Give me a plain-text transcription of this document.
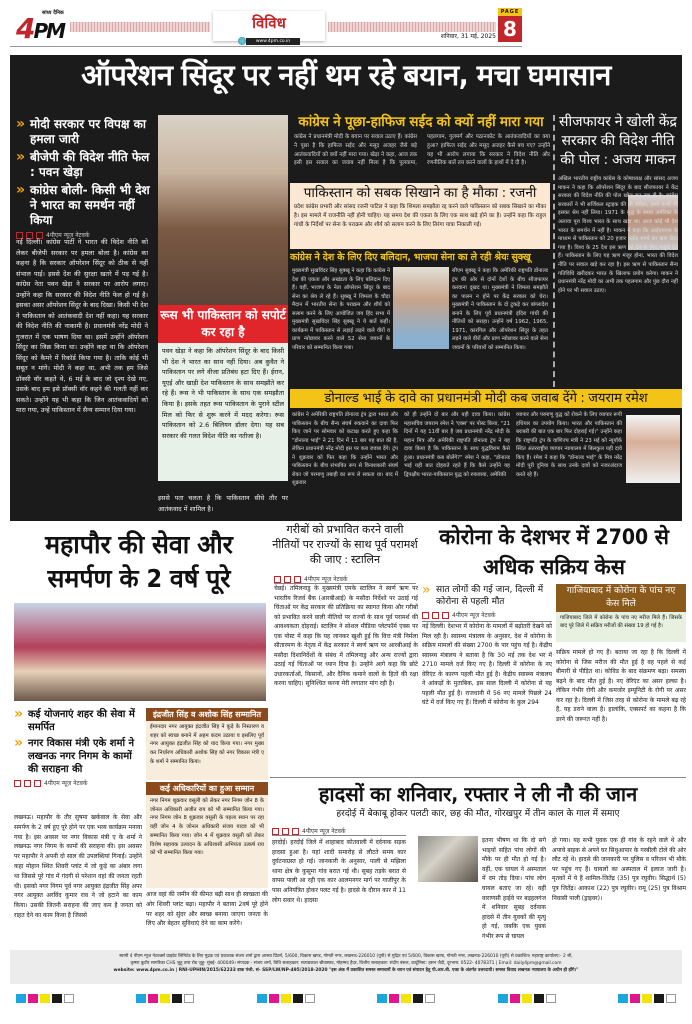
सांध्य दैनिक
4PM	विविध
www.4pm.co.in
PAGE
8
शनिवार, 31 मई, 2025
ऑपरेशन सिंदूर पर नहीं थम रहे बयान, मचा घमासान
» मोदी सरकार पर विपक्ष का हमला जारी
» बीजेपी की विदेश नीति फेल : पवन खेड़ा
» कांग्रेस बोली- किसी भी देश ने भारत का समर्थन नहीं किया
4पीएम न्यूज़ नेटवर्क
नई दिल्ली। कांग्रेस पार्टी ने भारत की विदेश नीति को लेकर बीजेपी सरकार पर हमला बोला है। कांग्रेस का कहना है कि सरकार ऑपरेशन सिंदूर को ठीक से नहीं संभाल पाई। इससे देश की सुरक्षा खतरे में पड़ गई है। कांग्रेस नेता पवन खेड़ा ने सरकार पर आरोप लगाए। उन्होंने कहा कि सरकार की विदेश नीति फेल हो गई है। इसका असर ऑपरेशन सिंदूर के बाद दिखा। किसी भी देश ने पाकिस्तान को आतंकवादी देश नहीं कहा। यह सरकार की विदेश नीति की नाकामी है। प्रधानमंत्री नरेंद्र मोदी ने गुजरात में एक भाषण दिया था। इसमें उन्होंने ऑपरेशन सिंदूर का जिक्र किया था। उन्होंने कहा था कि ऑपरेशन सिंदूर को कैमरे में रिकॉर्ड किया गया है। ताकि कोई भी सबूत न मांगे। मोदी ने कहा था, अभी तक हम जिसे प्रॉक्सी वॉर कहते थे, 6 मई के बाद जो दृश्य देखे गए, उसके बाद हम इसे प्रॉक्सी वॉर कहने की गलती नहीं कर सकते। उन्होंने यह भी कहा कि जिन आतंकवादियों को मारा गया, उन्हें पाकिस्तान में सैन्य सम्मान दिया गया।
रूस भी पाकिस्तान को सपोर्ट कर रहा है
पवन खेड़ा ने कहा कि ऑपरेशन सिंदूर के बाद किसी भी देश ने भारत का साथ नहीं दिया। अब कुवैत ने पाकिस्तान पर लगे वीजा प्रतिबंध हटा दिए हैं। ईरान, यूएई और खाड़ी देश पाकिस्तान के साथ समझौते कर रहे हैं। रूस ने भी पाकिस्तान के साथ एक समझौता किया है। इसके तहत रूस पाकिस्तान के पुराने स्टील मिल को फिर से शुरू करने में मदद करेगा। रूस पाकिस्तान को 2.6 बिलियन डॉलर देगा। यह सब सरकार की गलत विदेश नीति का नतीजा है।
इससे पता चलता है कि पाकिस्तान सीधे तौर पर आतंकवाद में शामिल है।
कांग्रेस ने पूछा-हाफिज सईद को क्यों नहीं मारा गया
कांग्रेस ने प्रधानमंत्री मोदी के बयान पर सवाल उठाए हैं। कांग्रेस ने पूछा है कि हाफिज सईद और मसूद अजहर जैसे बड़े आतंकवादियों को क्यों नहीं मारा गया। खेड़ा ने कहा, आज तक इसी इस सवाल का जवाब नहीं मिला है कि पुलवामा, पहलगाम, गुलमर्ग और पठानकोट के आतंकवादियों का क्या हुआ? हाफिज सईद और मसूद अजहर कैसे बच गए? उन्होंने यह भी आरोप लगाया कि सरकार ने विदेश नीति और रणनीतिक बातें तय करने वालों के हाथों में दे दी है।
पाकिस्तान को सबक सिखाने का है मौका : रजनी
प्रदेश कांग्रेस प्रभारी और सांसद रजनी पाटिल ने कहा कि शिमला समझौता रद्द करने वाले पाकिस्तान को सबक सिखाने का मौका है। इस मामले में राजनीति नहीं होनी चाहिए। यह समय देश की एकता के लिए एक साथ खड़े होने का है। उन्होंने कहा कि राहुल गांधी के निर्देशों पर सेना के पराक्रम और शौर्य को सलाम करने के लिए तिरंगा यात्रा निकाली गई।
कांग्रेस ने देश के लिए दिए बलिदान, भाजपा सेना का ले रही श्रेयः सुक्खू
मुख्यमंत्री सुखविंदर सिंह सुक्खू ने कहा कि कांग्रेस ने देश की एकता और अखंडता के लिए बलिदान दिए हैं। वहीं, भाजपा के नेता ऑपरेशन सिंदूर के बाद सेना का श्रेय ले रहे हैं। सुक्खू ने शिमला के चौड़ा मैदान में भारतीय सेना के पराक्रम और शौर्य को सलाम करने के लिए आयोजित जय हिंद सभा में मुख्यमंत्री सुखविंदर सिंह सुक्खू ने ये बातें कहीं। कार्यक्रम में पाकिस्तान से लड़ाई लड़ने वाले वीरों व प्राण न्योछावर करने वाले 52 सेना जवानों के परिवार को सम्मानित किया गया।
सीएम सुक्खू ने कहा कि अमेरिकी राष्ट्रपति डोनाल्ड ट्रंप की ओर से दोनों देशों के बीच सीजफायर करवाना दुखद था। मुख्यमंत्री ने शिमला समझौते का पालन न होने पर केंद्र सरकार को घेरा। मुख्यमंत्री ने पाकिस्तान के दो टुकड़े कर बांग्लादेश बनाने के लिए पूर्व प्रधानमंत्री इंदिरा गांधी की नीतियों को सराहा। उन्होंने वर्ष 1962, 1965, 1971, कारगिल और ऑपरेशन सिंदूर के तहत लड़ने वाले वीरों और प्राण न्योछावर करने वाले सेना जवानों के परिवारों को सम्मानित किया।
सीजफायर ने खोली केंद्र सरकार की विदेश नीति की पोल : अजय माकन
अखिल भारतीय राष्ट्रीय कांग्रेस के कोषाध्यक्ष और सांसद अजय माकन ने कहा कि ऑपरेशन सिंदूर के बाद सीजफायर ने केंद्र सरकार की विदेश नीति की पोल खोल कर रख दी है। कांग्रेस सरकारों ने भी सर्जिकल स्ट्राइक की थी लेकिन, हमने कभी भी इसका श्रेय नहीं लिया। 1971 के युद्ध के समय अमेरिका के अलावा पूरा विश्व भारत के साथ खड़ा था। आज कोई भी देश भारत के समर्थन में नहीं है। माकन ने कहा कि आईएमएफ के माध्यम से पाकिस्तान को 20 हजार करोड़ रुपये का ऋण दिया गया है। विश्व के 25 देश इस ऋण को देने के लिए मंजूरी देते हैं। पाकिस्तान के लिए यह ऋण मंजूर होना, भारत की विदेश नीति पर सवाल खड़े कर रहा है। इस ऋण से पाकिस्तान सैन्य गतिविधि खरीदकर भारत के खिलाफ प्रयोग करेगा। माकन ने प्रधानमंत्री नरेंद्र मोदी का अभी तक पहलगाम और पुंछ दौरा नहीं होने पर भी सवाल उठाए।
डोनाल्ड भाई के दावे का प्रधानमंत्री मोदी कब जवाब देंगे : जयराम रमेश
कांग्रेस ने अमेरिकी राष्ट्रपति डोनाल्ड ट्रंप द्वारा भारत और पाकिस्तान के बीच सैन्य संघर्ष रुकवाने का दावा फिर किए जाने पर सोमवार को कटाक्ष करते हुए कहा कि "डोनाल्ड भाई" ने 21 दिन में 11 बार यह बात की है, लेकिन प्रधानमंत्री नरेंद्र मोदी इस पर कब जवाब देंगे। ट्रंप ने शुक्रवार को फिर कहा कि उन्होंने भारत और पाकिस्तान के बीच संभावित रूप से विनाशकारी संघर्ष रोका जो परमाणु तबाही का रूप ले सकता था। बाद में शुक्रवार
को ही उन्होंने दो बार और यही दावा किया। कांग्रेस महासचिव जयराम रमेश ने 'एक्स' पर पोस्ट किया, "21 दिनों में यह 11वीं बार है जब प्रधानमंत्री नरेंद्र मोदी के महान मित्र और अमेरिकी राष्ट्रपति डोनाल्ड ट्रंप ने यह दावा किया है कि पाकिस्तान के साथ युद्धविराम कैसे हुआ। प्रधानमंत्री कब बोलेंगे?" रमेश ने कहा, "डोनाल्ड भाई यही बात दोहराते रहते हैं कि कैसे उन्होंने यह द्विपक्षीय भारत-पाकिस्तान युद्ध को रुकवाया, अमेरिकी
व्यापार और परमाणु युद्ध को रोकने के लिए व्यापार रूपी हथियार का उपयोग किया। भारत और पाकिस्तान की बराबरी की बात एक बार फिर दोहराई गई।" उन्होंने कहा कि राष्ट्रपति ट्रंप के वाणिज्य मंत्री ने 23 मई को न्यूयॉर्क स्थित अंतरराष्ट्रीय व्यापार न्यायालय में बिलकुल यही दावे किए हैं। रमेश ने कहा कि "डोनाल्ड भाई" के मित्र नरेंद्र मोदी पूरी दुनिया के साथ उनके दावों को नजरअंदाज करते रहे हैं।
महापौर की सेवा और समर्पण के 2 वर्ष पूरे
» कई योजनाएं शहर की सेवा में समर्पित
» नगर विकास मंत्री एके शर्मा ने लखनऊ नगर निगम के कामों की सराहना की
4पीएम न्यूज़ नेटवर्क
लखनऊ। महापौर के तौर सुषमा खर्कवाल के सेवा और समर्पण के 2 वर्ष हुए पूरे होने पर एक भव्य कार्यक्रम मनाया गया है। इस अवसर पर नगर विकास मंत्री ए के शर्मा ने लखनऊ नगर निगम के कामों की सराहना की। इस अवसर पर महापौर ने अपनी दो साल की उपलब्धियां गिनाईं। उन्होंने कहा मोहान स्थित शिवरी प्लांट में जो कूड़े का अंबार लगा था जिससे पूरे गांव में गंदगी से परेशान वहां की जनता रहती थी। इसको नगर निगम पूर्व नगर आयुक्त इंद्रजीत सिंह अपर नगर आयुक्त अरविंद कुमार राव ने जो हटाने का काम किया। उसकी जितनी सराहना की जाए कम है जनता को राहत देने का काम किया है जिससे
इंद्रजीत सिंह व अशोक सिंह सम्मानित
ईमानदार नगर आयुक्त इंद्रजीत सिंह ने कूड़े के निस्तारण व शहर को स्वच्छ बनाने में अहम कदम उठाया व इसलिए पूर्व नगर आयुक्त इंद्रजीत सिंह को याद किया गया। नगर मुख्य कर निर्धारण अधिकारी अशोक सिंह को नगर विकास मंत्री ए के शर्मा ने सम्मानित किया।
कई अधिकारियों का हुआ सम्मान
नगर निगम शुक्रवार वसूली को लेकर नगर निगम जोन 8 के जोनल अधिकारी अजीत राय को भी सम्मानित किया गया। नगर निगम जोन 8 शुक्रवार वसूली के पहला स्थान पर रहा वहीं जोन 4 के जोनल अधिकारी संजय यादव को भी सम्मानित किया गया। जोन 4 में शुक्रवार वसूली को लेकर विशेष सहायक उत्पादन के अधिशासी अभियंता उत्कर्ष राय को भी सम्मानित किया गया।
आज वहां की जमीन की कीमत बढ़ी साथ ही स्वच्छता की ओर शिवरी प्लांट बढ़ा। महापौर ने बताया 2वर्ष पूरे होने पर शहर को सुंदर और स्वच्छ बनाया जाएगा जनता के लिए और बेहतर सुविधाएं देने का काम करेंगे।
गरीबों को प्रभावित करने वाली नीतियों पर राज्यों के साथ पूर्व परामर्श की जाए : स्टालिन
4पीएम न्यूज़ नेटवर्क
चेन्नई। तमिलनाडु के मुख्यमंत्री एमके स्टालिन ने स्वर्ण ऋण पर भारतीय रिजर्व बैंक (आरबीआई) के मसौदा निर्देशों पर उठाई गई चिंताओं पर केंद्र सरकार की प्रतिक्रिया का स्वागत किया और गरीबों को प्रभावित करने वाली नीतियों पर राज्यों के साथ पूर्व परामर्श की आवश्यकता दोहराई। स्टालिन ने सोशल मीडिया प्लेटफॉर्म एक्स पर एक पोस्ट में कहा कि यह जानकर खुशी हुई कि वित्त मंत्री निर्मला सीतारमण के नेतृत्व में केंद्र सरकार ने स्वर्ण ऋण पर आरबीआई के मसौदा दिशानिर्देशों के संबंध में तमिलनाडु और अन्य राज्यों द्वारा उठाई गई चिंताओं पर ध्यान दिया है। उन्होंने आगे कहा कि छोटे उधारकर्ताओं, किसानों, और दैनिक कमाने वालों के हितों की रक्षा करना चाहिए। सुनिश्चित करना मेरी लगातार मांग रही है।
कोरोना के देशभर में 2700 से अधिक सक्रिय केस
» सात लोगों की गई जान, दिल्ली में कोरोना से पहली मौत
4पीएम न्यूज़ नेटवर्क
नई दिल्ली। देशभर में कोरोना के मामलों में बढ़ोतरी देखने को मिल रही है। स्वास्थ्य मंत्रालय के अनुसार, देश में कोरोना के सक्रिय मामलों की संख्या 2700 के पार पहुंच गई है। केंद्रीय स्वास्थ्य मंत्रालय ने बताया है कि 30 मई तक देश भर में 2710 मामले दर्ज किए गए है। दिल्ली में कोरोना के नए वेरिएंट के कारण पहली मौत हुई है। केंद्रीय स्वास्थ्य मंत्रालय ने आंकड़ों के मुताबिक, इस साल दिल्ली में कोरोना से यह पहली मौत हुई है। राजधानी में 56 नए मामले पिछले 24 घंटे में दर्ज किए गए हैं। दिल्ली में कोरोना के कुल 294
गाजियाबाद में कोरोना के पांच नए केस मिले
गाजियाबाद जिले में कोरोना के पांच नए मरीज मिले हैं। जिसके बाद पूरे जिले में सक्रिय मरीजों की संख्या 19 हो गई है।
सक्रिय मामले हो गए हैं। बताया जा रहा है कि दिल्ली में कोरोना से जिस मरीज की मौत हुई है वह पहले से कई बीमारी से पीड़ित था। कोविड के बाद संक्रमण बढ़ा। समस्या बढ़ने के बाद मौत हुई है। नए वेरिएंट का असर हल्का है। लेकिन गंभीर रोगी और कमजोर इम्यूनिटी के रोगी पर असर कर रहा है। दिल्ली में जिस तरह से कोरोना के मामले बढ़ रहे हैं, यह डराने वाला है। हालांकि, एक्सपर्ट का कहना है कि डरने की जरूरत नहीं है।
हादसों का शनिवार, रफ्तार ने ली नौ की जान
हरदोई में बेकाबू होकर पलटी कार, छह की मौत, गोरखपुर में तीन काल के गाल में समाए
4पीएम न्यूज़ नेटवर्क
हरदोई। हरदोई जिले में शाहाबाद कोतवाली में दर्दनाक सड़क हादसा हुआ है। यहां शादी समारोह से लौटते समय कार दुर्घटनाग्रस्त हो गई। जानकारी के अनुसार, पाली से मझिला थाना क्षेत्र के कुसुमा गांव बरात गई थी। सुबह तड़के बरात से वापस पाली आ रही एक कार आलमनगर मार्ग पर गाजीपुर के पास अनियंत्रित होकर पलट गई है। हादसे के दौरान कार में 11 लोग सवार थे। हादसा
इतना भीषण था कि दो सगे भाइयों सहित पांच लोगों की मौके पर ही मौत हो गई है। वहीं, एक घायल ने अस्पताल में दम तोड़ दिया। पांच लोग घायल बताए जा रहे। वहीं वाराणसी हाईवे पर बड़हलगंज में शनिवार सुबह दर्दनाक हादसे में तीन युवकों की मृत्यु हो गई, जबकि एक युवक गंभीर रूप से घायल
हो गया। यह सभी युवक एक ही गांव के रहने वाले थे और अपाचे बाइक से अपने घर सिधुआपार के गरबीली टोले की ओर लौट रहे थे। हादसे की जानकारी पर पुलिस व परिजन भी मौके पर पहुंच गए हैं। घायलों का अस्पताल में इलाज जारी है। मृतकों में ये हैं शामिल-जितेंद्र (35) पुत्र रघुवीर। सिद्धार्थ (5) पुत्र जितेंद्र। आकाश (22) पुत्र रघुवीर। रामू (25) पुत्र विश्राम निवासी पाली (ड्राइवर)।
स्वामी 4 पीएम न्यूज नेटवर्क्स प्राइवेट लिमिटेड के लिए मुद्रक एवं प्रकाशक संजय शर्मा द्वारा आस्था प्रिंटर्स, 5/600, विकास खण्ड, गोमती नगर, लखनऊ-226010 (यूपी) से मुद्रित एवं 5/600, विकास खण्ड, गोमती नगर, लखनऊ-226010 (यूपी) से प्रकाशित। महाराष्ट्र कार्यालय:- 2 सी,
कृष्णा कुटीर सागरिका CHS जुहू तारा रोड जुहू- मुंबई- 400049। संपादक - संजय शर्मा, विधि सलाहकार: सत्यप्रकाश श्रीवास्तव, मोहम्मद हैदर, वित्तीय सलाहकार: संदीप बंसल, कार्टूनिस्ट: हसन जैदी, दूरभाष: 0522- 4078371 | Email: daily4pm@gmail.com
website: www.4pm.co.in | RNI-UPHIN/2015/62233 डाक पंजी. सं- SSP/LW/NP-495/2018-2020 "इस अंक में प्रकाशित समस्त समाचारों के चयन एवं संपादन हेतु पी.आर.बी. एक्ट के अंतर्गत उत्तरदायी। समस्त विवाद लखनऊ न्यायालय के अधीन ही होंगे।"
